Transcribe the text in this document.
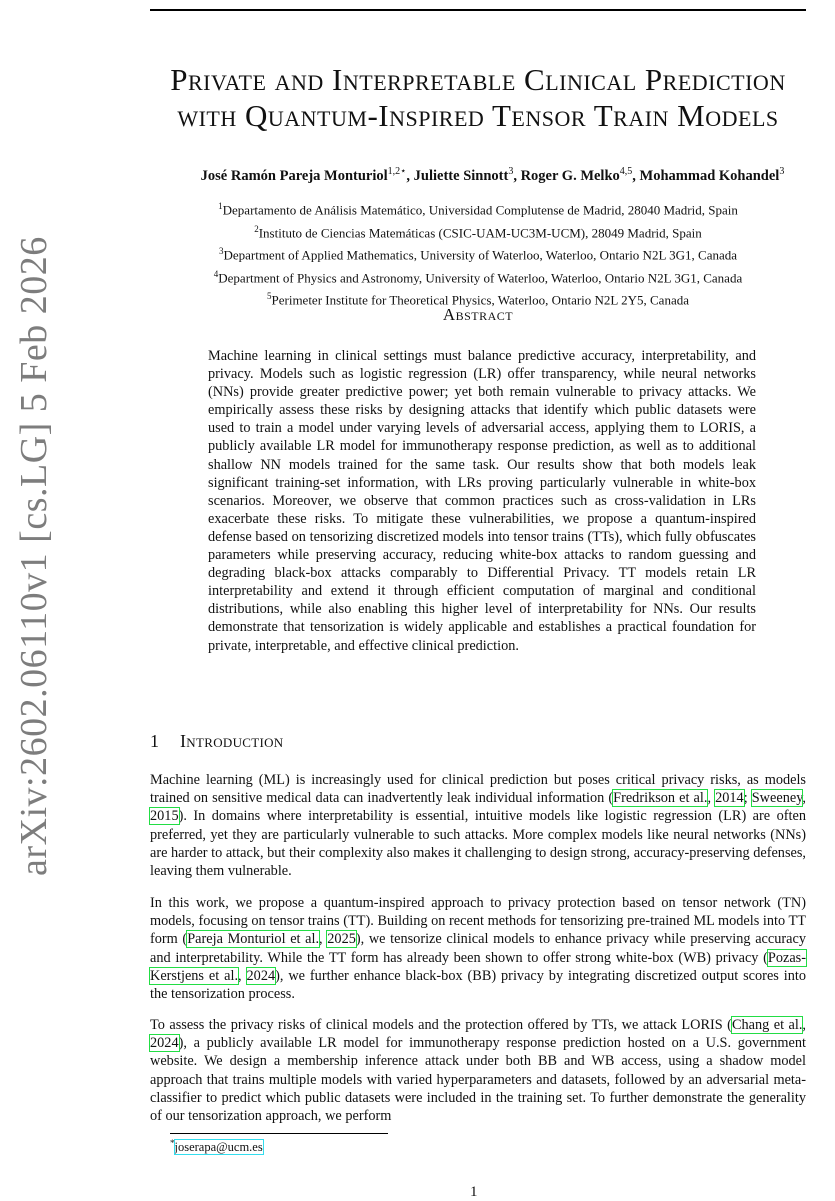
arXiv:2602.06110v1 [cs.LG] 5 Feb 2026
Private and Interpretable Clinical Prediction
with Quantum-Inspired Tensor Train Models
José Ramón Pareja Monturiol$^{1,2⋆}$, Juliette Sinnott$^3$, Roger G. Melko$^{4,5}$, Mohammad Kohandel$^3$
$^1$Departamento de Análisis Matemático, Universidad Complutense de Madrid, 28040 Madrid, Spain
$^2$Instituto de Ciencias Matemáticas (CSIC-UAM-UC3M-UCM), 28049 Madrid, Spain
$^3$Department of Applied Mathematics, University of Waterloo, Waterloo, Ontario N2L 3G1, Canada
$^4$Department of Physics and Astronomy, University of Waterloo, Waterloo, Ontario N2L 3G1, Canada
$^5$Perimeter Institute for Theoretical Physics, Waterloo, Ontario N2L 2Y5, Canada
Abstract

Machine learning in clinical settings must balance predictive accuracy, interpretability, and privacy. Models such as logistic regression (LR) offer transparency, while neural networks (NNs) provide greater predictive power; yet both remain vulnerable to privacy attacks. We empirically assess these risks by designing attacks that identify which public datasets were used to train a model under varying levels of adversarial access, applying them to LORIS, a publicly available LR model for immunotherapy response prediction, as well as to additional shallow NN models trained for the same task. Our results show that both models leak significant training-set information, with LRs proving particularly vulnerable in white-box scenarios. Moreover, we observe that common practices such as cross-validation in LRs exacerbate these risks. To mitigate these vulnerabilities, we propose a quantum-inspired defense based on tensorizing discretized models into tensor trains (TTs), which fully obfuscates parameters while preserving accuracy, reducing white-box attacks to random guessing and degrading black-box attacks comparably to Differential Privacy. TT models retain LR interpretability and extend it through efficient computation of marginal and conditional distributions, while also enabling this higher level of interpretability for NNs. Our results demonstrate that tensorization is widely applicable and establishes a practical foundation for private, interpretable, and effective clinical prediction.

1 Introduction

Machine learning (ML) is increasingly used for clinical prediction but poses critical privacy risks, as models trained on sensitive medical data can inadvertently leak individual information (Fredrikson et al., 2014; Sweeney, 2015). In domains where interpretability is essential, intuitive models like logistic regression (LR) are often preferred, yet they are particularly vulnerable to such attacks. More complex models like neural networks (NNs) are harder to attack, but their complexity also makes it challenging to design strong, accuracy-preserving defenses, leaving them vulnerable.

In this work, we propose a quantum-inspired approach to privacy protection based on tensor network (TN) models, focusing on tensor trains (TT). Building on recent methods for tensorizing pre-trained ML models into TT form (Pareja Monturiol et al., 2025), we tensorize clinical models to enhance privacy while preserving accuracy and interpretability. While the TT form has already been shown to offer strong white-box (WB) privacy (Pozas-Kerstjens et al., 2024), we further enhance black-box (BB) privacy by integrating discretized output scores into the tensorization process.

To assess the privacy risks of clinical models and the protection offered by TTs, we attack LORIS (Chang et al., 2024), a publicly available LR model for immunotherapy response prediction hosted on a U.S. government website. We design a membership inference attack under both BB and WB access, using a shadow model approach that trains multiple models with varied hyperparameters and datasets, followed by an adversarial meta-classifier to predict which public datasets were included in the training set. To further demonstrate the generality of our tensorization approach, we perform

*joserapa@ucm.es
1
